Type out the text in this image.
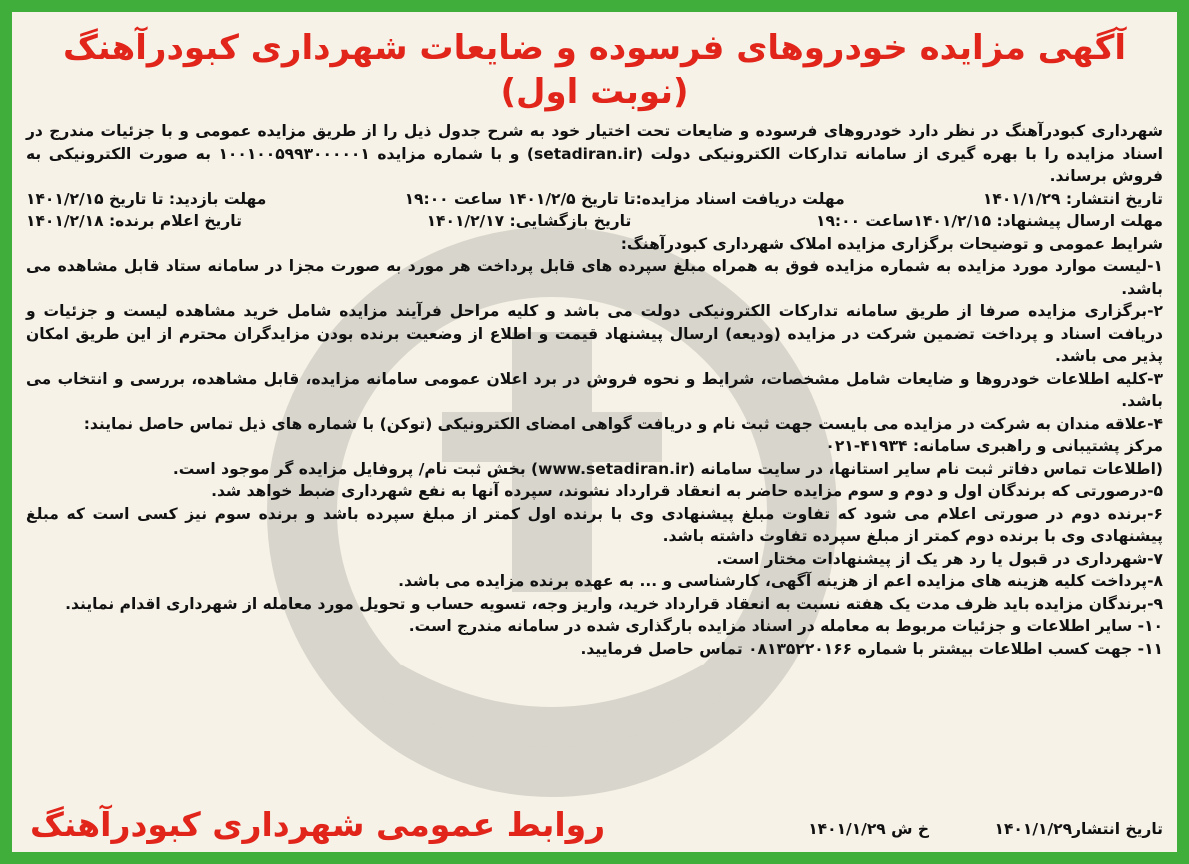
آگهی مزایده خودروهای فرسوده و ضایعات شهرداری کبودرآهنگ (نوبت اول)
شهرداری کبودرآهنگ در نظر دارد خودروهای فرسوده و ضایعات تحت اختیار خود به شرح جدول ذیل را از طریق مزایده عمومی و با جزئیات مندرج در اسناد مزایده را با بهره گیری از سامانه تدارکات الکترونیکی دولت (setadiran.ir) و با شماره مزایده ۱۰۰۱۰۰۵۹۹۳۰۰۰۰۰۱ به صورت الکترونیکی به فروش برساند.
تاریخ انتشار: ۱۴۰۱/۱/۲۹
مهلت دریافت اسناد مزایده:تا تاریخ ۱۴۰۱/۲/۵ ساعت ۱۹:۰۰
مهلت بازدید: تا تاریخ ۱۴۰۱/۲/۱۵
مهلت ارسال پیشنهاد: ۱۴۰۱/۲/۱۵ساعت ۱۹:۰۰
تاریخ بازگشایی: ۱۴۰۱/۲/۱۷
تاریخ اعلام برنده: ۱۴۰۱/۲/۱۸

شرایط عمومی و توضیحات برگزاری مزایده املاک شهرداری کبودرآهنگ:

۱-لیست موارد مورد مزایده به شماره مزایده فوق به همراه مبلغ سپرده های قابل پرداخت هر مورد به صورت مجزا در سامانه ستاد قابل مشاهده می باشد.

۲-برگزاری مزایده صرفا از طریق سامانه تدارکات الکترونیکی دولت می باشد و کلیه مراحل فرآیند مزایده شامل خرید مشاهده لیست و جزئیات و دریافت اسناد و پرداخت تضمین شرکت در مزایده (ودیعه) ارسال پیشنهاد قیمت و اطلاع از وضعیت برنده بودن مزایدگران محترم از این طریق امکان پذیر می باشد.

۳-کلیه اطلاعات خودروها و ضایعات شامل مشخصات، شرایط و نحوه فروش در برد اعلان عمومی سامانه مزایده، قابل مشاهده، بررسی و انتخاب می باشد.

۴-علاقه مندان به شرکت در مزایده می بایست جهت ثبت نام و دریافت گواهی امضای الکترونیکی (توکن) با شماره های ذیل تماس حاصل نمایند:

مرکز پشتیبانی و راهبری سامانه: ۴۱۹۳۴-۰۲۱

(اطلاعات تماس دفاتر ثبت نام سایر استانها، در سایت سامانه (www.setadiran.ir) بخش ثبت نام/ پروفایل مزایده گر موجود است.

۵-درصورتی که برندگان اول و دوم و سوم مزایده حاضر به انعقاد قرارداد نشوند، سپرده آنها به نفع شهرداری ضبط خواهد شد.

۶-برنده دوم در صورتی اعلام می شود که تفاوت مبلغ پیشنهادی وی با برنده اول کمتر از مبلغ سپرده باشد و برنده سوم نیز کسی است که مبلغ پیشنهادی وی با برنده دوم کمتر از مبلغ سپرده تفاوت داشته باشد.

۷-شهرداری در قبول یا رد هر یک از پیشنهادات مختار است.

۸-پرداخت کلیه هزینه های مزایده اعم از هزینه آگهی، کارشناسی و ... به عهده برنده مزایده می باشد.

۹-برندگان مزایده باید ظرف مدت یک هفته نسبت به انعقاد قرارداد خرید، واریز وجه، تسویه حساب و تحویل مورد معامله از شهرداری اقدام نمایند.

۱۰- سایر اطلاعات و جزئیات مربوط به معامله در اسناد مزایده بارگذاری شده در سامانه مندرج است.

۱۱- جهت کسب اطلاعات بیشتر با شماره ۰۸۱۳۵۲۲۰۱۶۶ تماس حاصل فرمایید.

تاریخ انتشار۱۴۰۱/۱/۲۹ خ ش ۱۴۰۱/۱/۲۹
روابط عمومی شهرداری کبودرآهنگ
